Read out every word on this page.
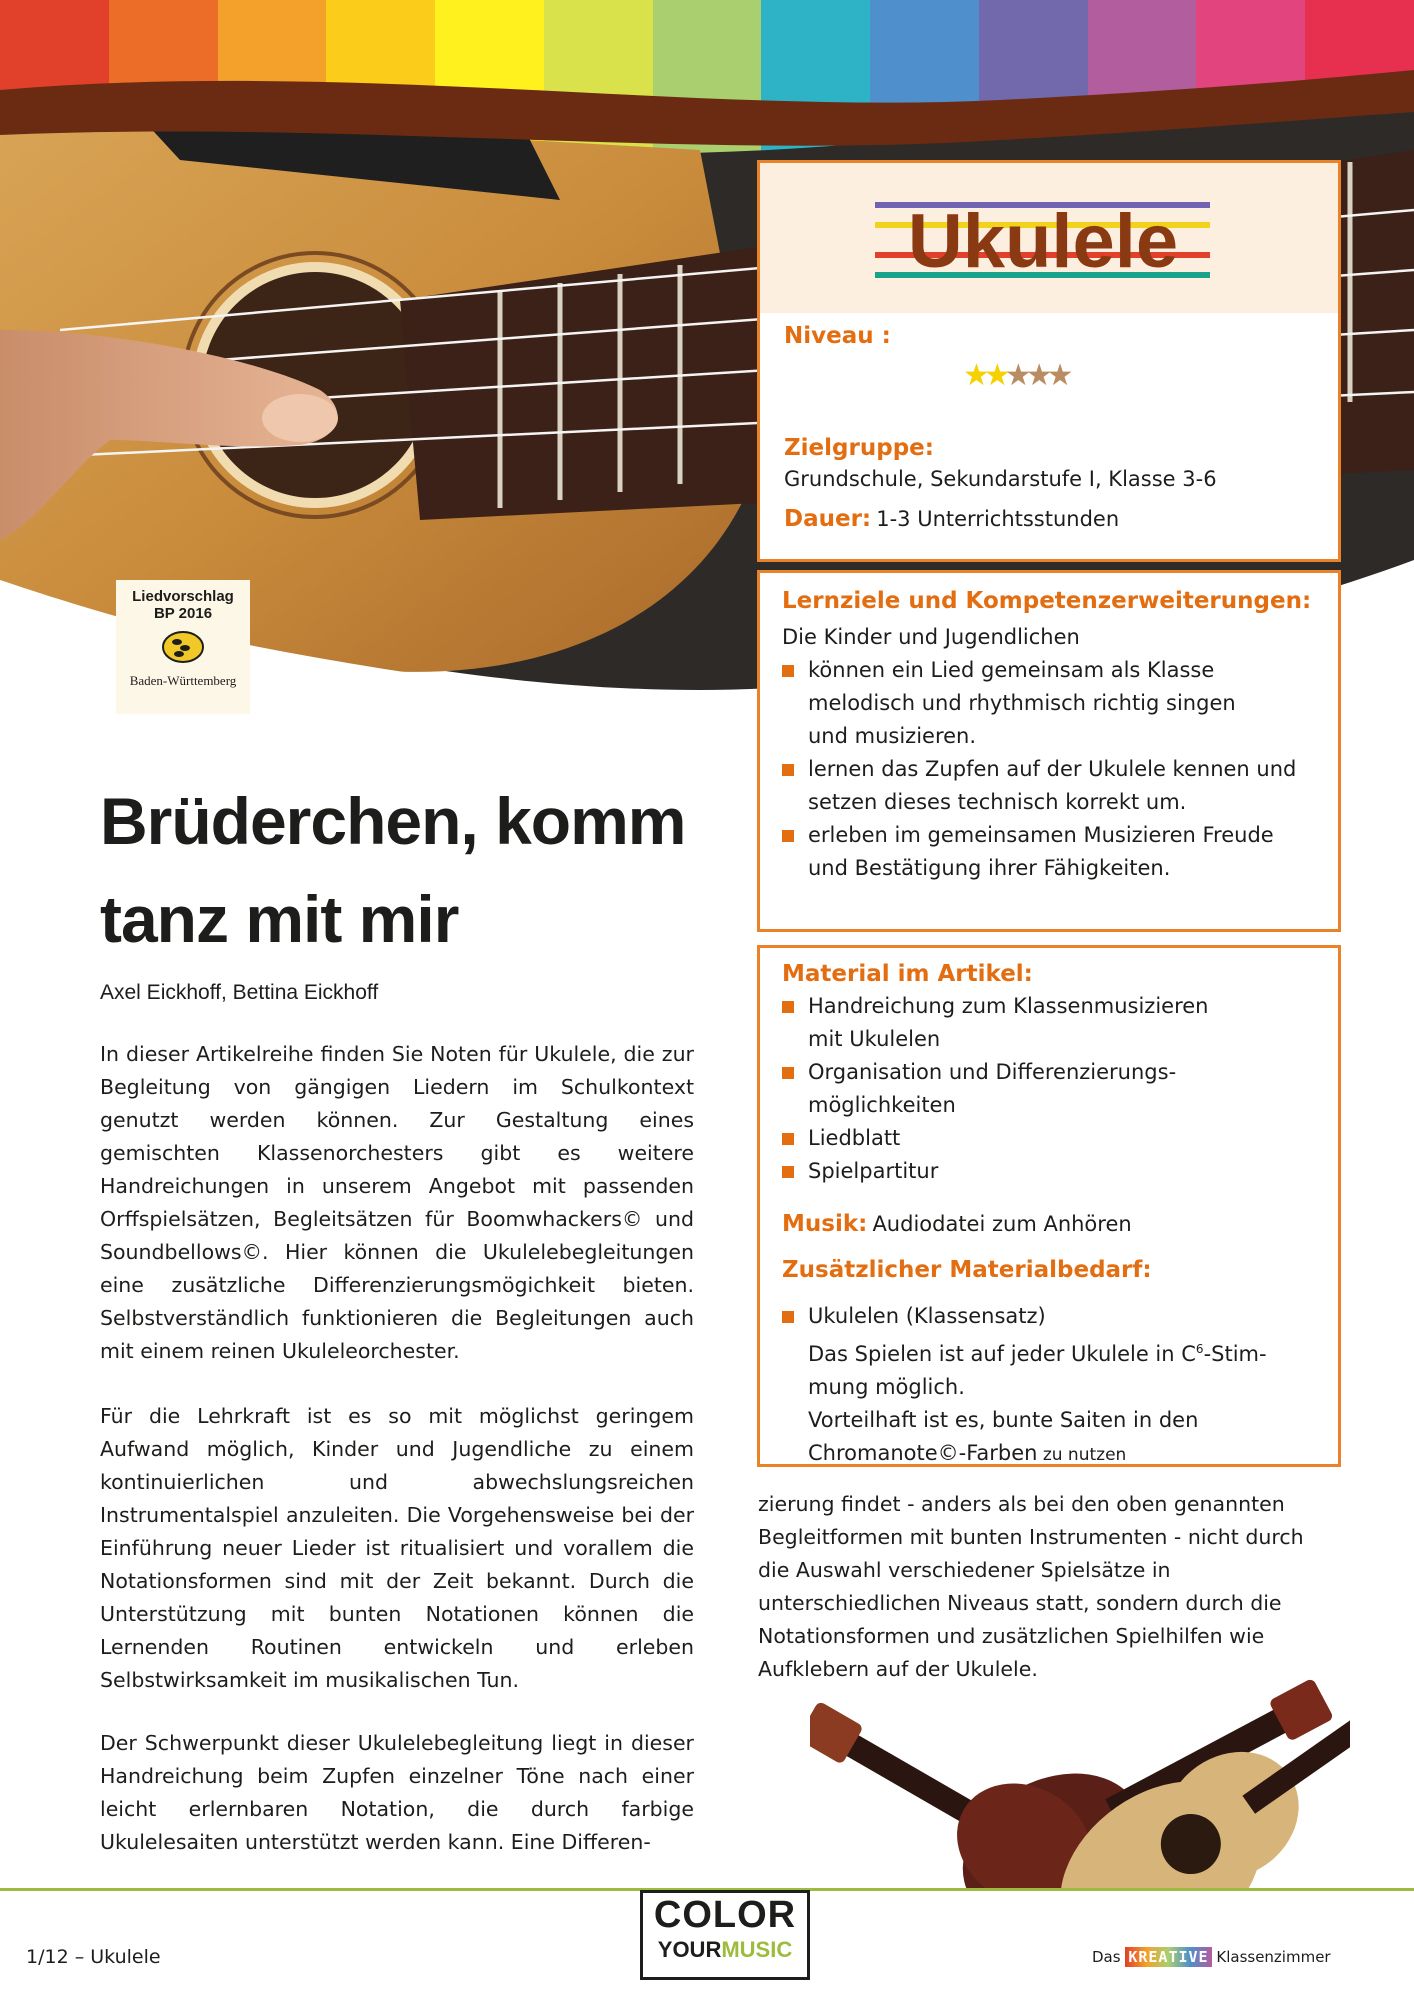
Liedvorschlag
BP 2016
Baden-Württemberg
Ukulele
Niveau :
★★★★★
Zielgruppe:
Grundschule, Sekundarstufe I, Klasse 3-6
Dauer: 1-3 Unterrichtsstunden
Lernziele und Kompetenzerweiterungen:
Die Kinder und Jugendlichen
können ein Lied gemeinsam als Klasse
melodisch und rhythmisch richtig singen
und musizieren.
lernen das Zupfen auf der Ukulele kennen und
setzen dieses technisch korrekt um.
erleben im gemeinsamen Musizieren Freude
und Bestätigung ihrer Fähigkeiten.
Material im Artikel:
Handreichung zum Klassenmusizieren
mit Ukulelen
Organisation und Differenzierungs-
möglichkeiten
Liedblatt
Spielpartitur
Musik: Audiodatei zum Anhören
Zusätzlicher Materialbedarf:
Ukulelen (Klassensatz)
Das Spielen ist auf jeder Ukulele in $C^6-Stim-$
mung möglich.
Vorteilhaft ist es, bunte Saiten in den
Chromanote©-Farben zu nutzen
Brüderchen, komm
tanz mit mir
Axel Eickhoff, Bettina Eickhoff
In dieser Artikelreihe finden Sie Noten für Ukulele, die zur Begleitung von gängigen Liedern im Schulkontext genutzt werden können. Zur Gestaltung eines gemischten Klassenorchesters gibt es weitere Handreichungen in unserem Angebot mit passenden Orffspielsätzen, Begleitsätzen für Boomwhackers© und Soundbellows©. Hier können die Ukulelebegleitungen eine zusätzliche Differenzierungsmögichkeit bieten. Selbstverständlich funktionieren die Begleitungen auch mit einem reinen Ukuleleorchester.
Für die Lehrkraft ist es so mit möglichst geringem Aufwand möglich, Kinder und Jugendliche zu einem kontinuierlichen und abwechslungsreichen Instrumentalspiel anzuleiten. Die Vorgehensweise bei der Einführung neuer Lieder ist ritualisiert und vorallem die Notationsformen sind mit der Zeit bekannt. Durch die Unterstützung mit bunten Notationen können die Lernenden Routinen entwickeln und erleben Selbstwirksamkeit im musikalischen Tun.
Der Schwerpunkt dieser Ukulelebegleitung liegt in dieser Handreichung beim Zupfen einzelner Töne nach einer leicht erlernbaren Notation, die durch farbige Ukulelesaiten unterstützt werden kann. Eine Differen-
zierung findet - anders als bei den oben genannten Begleitformen mit bunten Instrumenten - nicht durch die Auswahl verschiedener Spielsätze in unterschiedlichen Niveaus statt, sondern durch die Notationsformen und zusätzlichen Spielhilfen wie Aufklebern auf der Ukulele.
1/12 – Ukulele
COLOR
YOURMUSIC	Das KREATIVE Klassenzimmer
